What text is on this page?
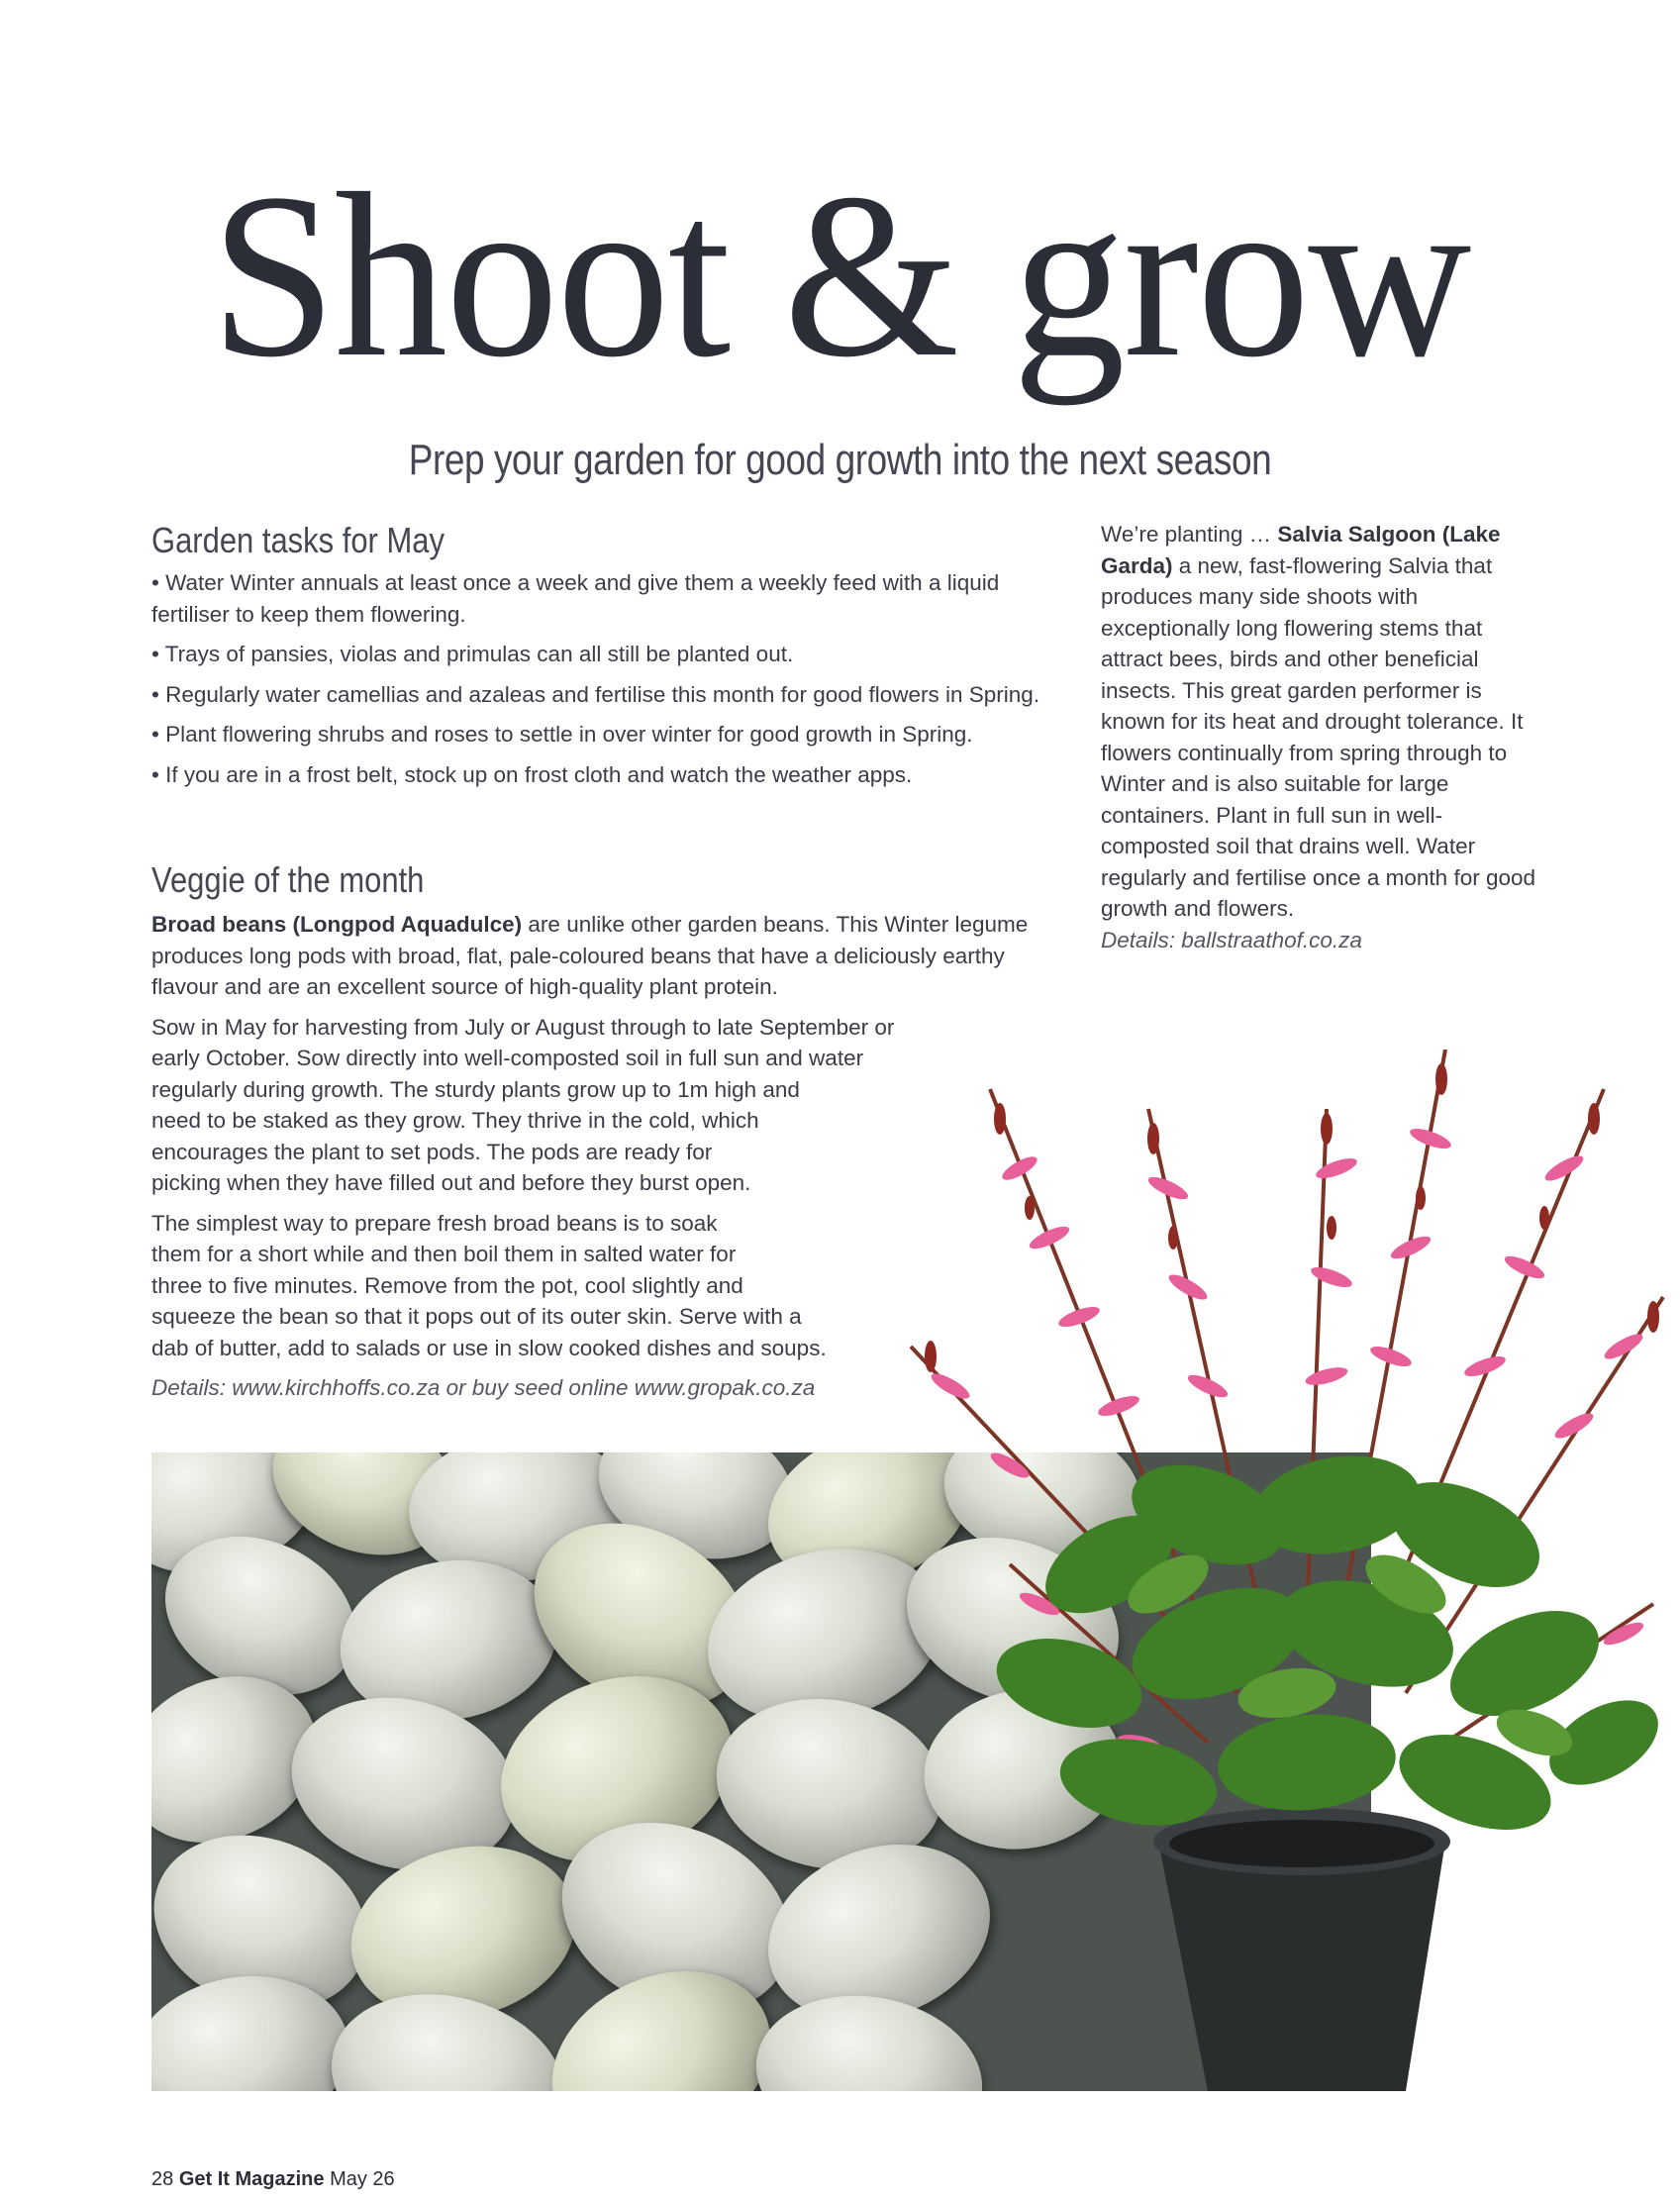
Shoot & grow
Prep your garden for good growth into the next season
Garden tasks for May

• Water Winter annuals at least once a week and give them a weekly feed with a liquid fertiliser to keep them flowering.

• Trays of pansies, violas and primulas can all still be planted out.

• Regularly water camellias and azaleas and fertilise this month for good flowers in Spring.

• Plant flowering shrubs and roses to settle in over winter for good growth in Spring.

• If you are in a frost belt, stock up on frost cloth and watch the weather apps.

Veggie of the month

Broad beans (Longpod Aquadulce) are unlike other garden beans. This Winter legume produces long pods with broad, flat, pale-coloured beans that have a deliciously earthy flavour and are an excellent source of high-quality plant protein.

Sow in May for harvesting from July or August through to late September or
early October. Sow directly into well-composted soil in full sun and water
regularly during growth. The sturdy plants grow up to 1m high and
need to be staked as they grow. They thrive in the cold, which
encourages the plant to set pods. The pods are ready for
picking when they have filled out and before they burst open.

The simplest way to prepare fresh broad beans is to soak
them for a short while and then boil them in salted water for
three to five minutes. Remove from the pot, cool slightly and
squeeze the bean so that it pops out of its outer skin. Serve with a
dab of butter, add to salads or use in slow cooked dishes and soups.

Details: www.kirchhoffs.co.za or buy seed online www.gropak.co.za

We’re planting … Salvia Salgoon (Lake Garda) a new, fast-flowering Salvia that produces many side shoots with exceptionally long flowering stems that attract bees, birds and other beneficial insects. This great garden performer is known for its heat and drought tolerance. It flowers continually from spring through to Winter and is also suitable for large containers. Plant in full sun in well-composted soil that drains well. Water regularly and fertilise once a month for good growth and flowers.

Details: ballstraathof.co.za

28 Get It Magazine May 26
